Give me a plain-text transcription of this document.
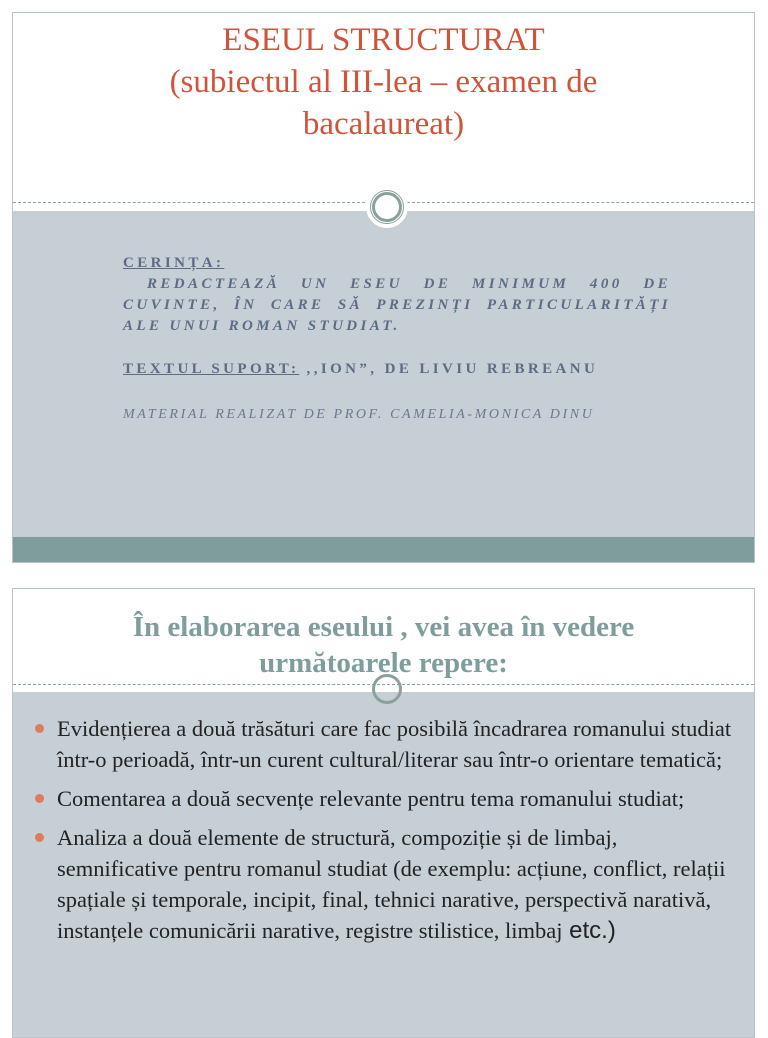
ESEUL STRUCTURAT
(subiectul al III-lea – examen de
bacalaureat)
CERINȚA:
REDACTEAZĂ UN ESEU DE MINIMUM 400 DE CUVINTE, ÎN CARE SĂ PREZINȚI PARTICULARITĂȚI ALE UNUI ROMAN STUDIAT.
TEXTUL SUPORT: ,,ION”, DE LIVIU REBREANU
MATERIAL REALIZAT DE PROF. CAMELIA-MONICA DINU
În elaborarea eseului , vei avea în vedere
următoarele repere:
Evidențierea a două trăsături care fac posibilă încadrarea romanului studiat într-o perioadă, într-un curent cultural/literar sau într-o orientare tematică;
Comentarea a două secvențe relevante pentru tema romanului studiat;
Analiza a două elemente de structură, compoziție și de limbaj, semnificative pentru romanul studiat (de exemplu: acțiune, conflict, relații spațiale și temporale, incipit, final, tehnici narative, perspectivă narativă, instanțele comunicării narative, registre stilistice, limbaj etc.)
